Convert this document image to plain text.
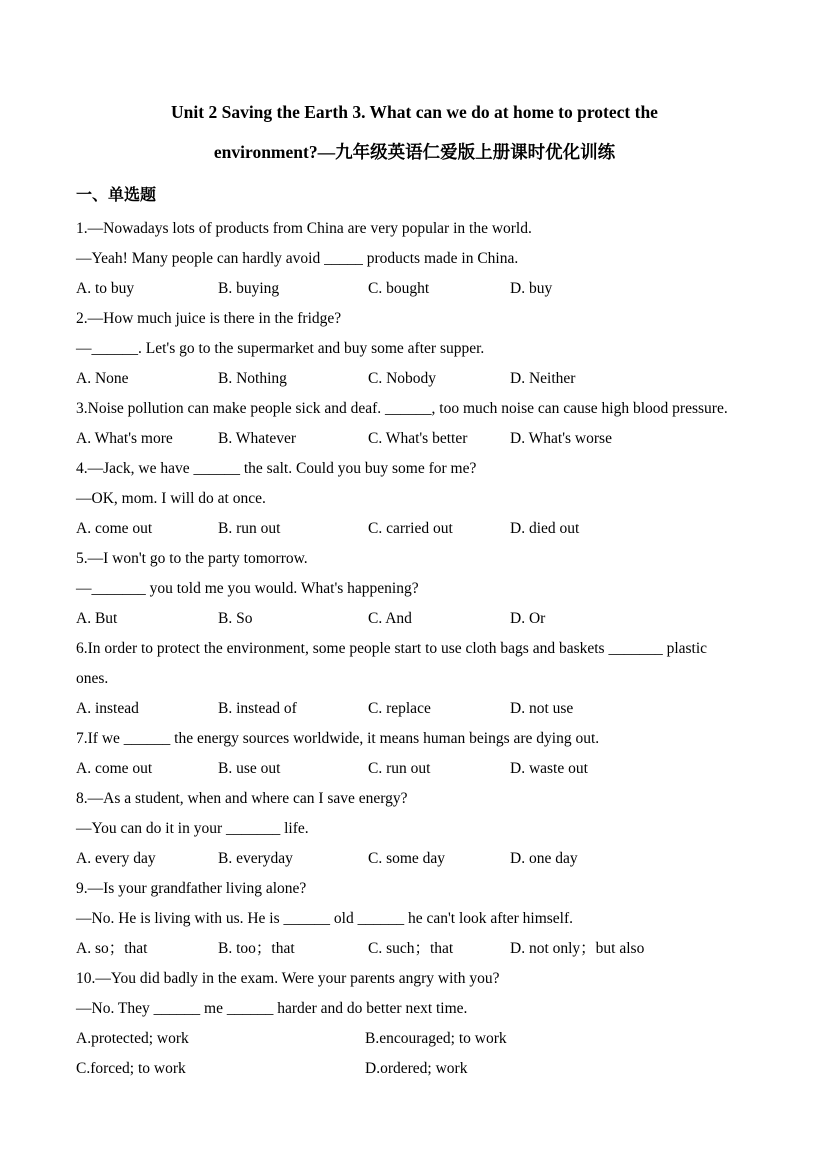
Unit 2 Saving the Earth 3. What can we do at home to protect the
environment?—九年级英语仁爱版上册课时优化训练
一、单选题
1.—Nowadays lots of products from China are very popular in the world.
—Yeah! Many people can hardly avoid _____ products made in China.
A. to buy	B. buying	C. bought	D. buy
2.—How much juice is there in the fridge?
—______. Let's go to the supermarket and buy some after supper.
A. None	B. Nothing	C. Nobody	D. Neither
3.Noise pollution can make people sick and deaf. ______, too much noise can cause high blood pressure.
A. What's more	B. Whatever	C. What's better	D. What's worse
4.—Jack, we have ______ the salt. Could you buy some for me?
—OK, mom. I will do at once.
A. come out	B. run out	C. carried out	D. died out
5.—I won't go to the party tomorrow.
—_______ you told me you would. What's happening?
A. But	B. So	C. And	D. Or
6.In order to protect the environment, some people start to use cloth bags and baskets _______ plastic
ones.
A. instead	B. instead of	C. replace	D. not use
7.If we ______ the energy sources worldwide, it means human beings are dying out.
A. come out	B. use out	C. run out	D. waste out
8.—As a student, when and where can I save energy?
—You can do it in your _______ life.
A. every day	B. everyday	C. some day	D. one day
9.—Is your grandfather living alone?
—No. He is living with us. He is ______ old ______ he can't look after himself.
A. so；that	B. too；that	C. such；that	D. not only；but also
10.—You did badly in the exam. Were your parents angry with you?
—No. They ______ me ______ harder and do better next time.
A.protected; work	B.encouraged; to work
C.forced; to work	D.ordered; work
